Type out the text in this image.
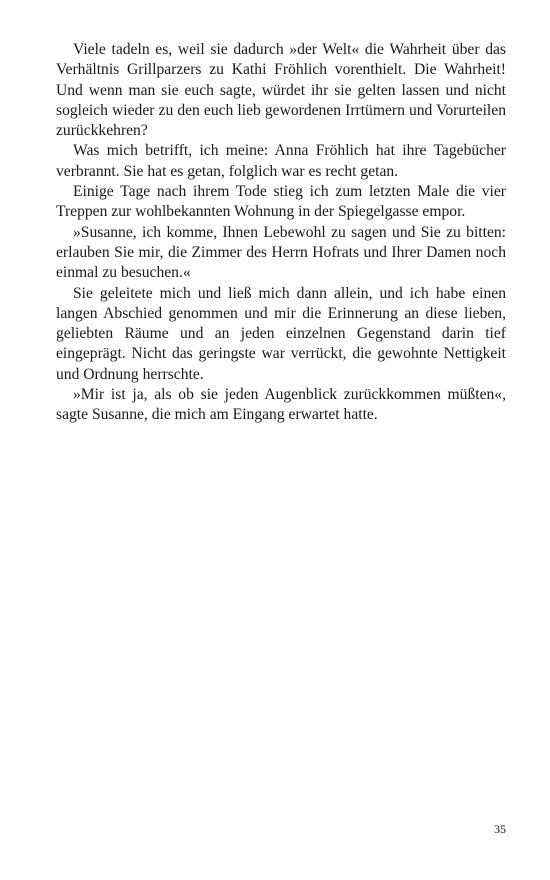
Viele tadeln es, weil sie dadurch »der Welt« die Wahrheit über das Verhältnis Grillparzers zu Kathi Fröhlich vorenthielt. Die Wahrheit! Und wenn man sie euch sagte, würdet ihr sie gelten lassen und nicht sogleich wieder zu den euch lieb gewordenen Irrtümern und Vorurteilen zurückkehren?

Was mich betrifft, ich meine: Anna Fröhlich hat ihre Tagebücher verbrannt. Sie hat es getan, folglich war es recht getan.

Einige Tage nach ihrem Tode stieg ich zum letzten Male die vier Treppen zur wohlbekannten Wohnung in der Spiegelgasse empor.

»Susanne, ich komme, Ihnen Lebewohl zu sagen und Sie zu bitten: erlauben Sie mir, die Zimmer des Herrn Hofrats und Ihrer Damen noch einmal zu besuchen.«

Sie geleitete mich und ließ mich dann allein, und ich habe einen langen Abschied genommen und mir die Erinnerung an diese lieben, geliebten Räume und an jeden einzelnen Gegenstand darin tief eingeprägt. Nicht das geringste war verrückt, die gewohnte Nettigkeit und Ordnung herrschte.

»Mir ist ja, als ob sie jeden Augenblick zurückkommen müßten«, sagte Susanne, die mich am Eingang erwartet hatte.

35
